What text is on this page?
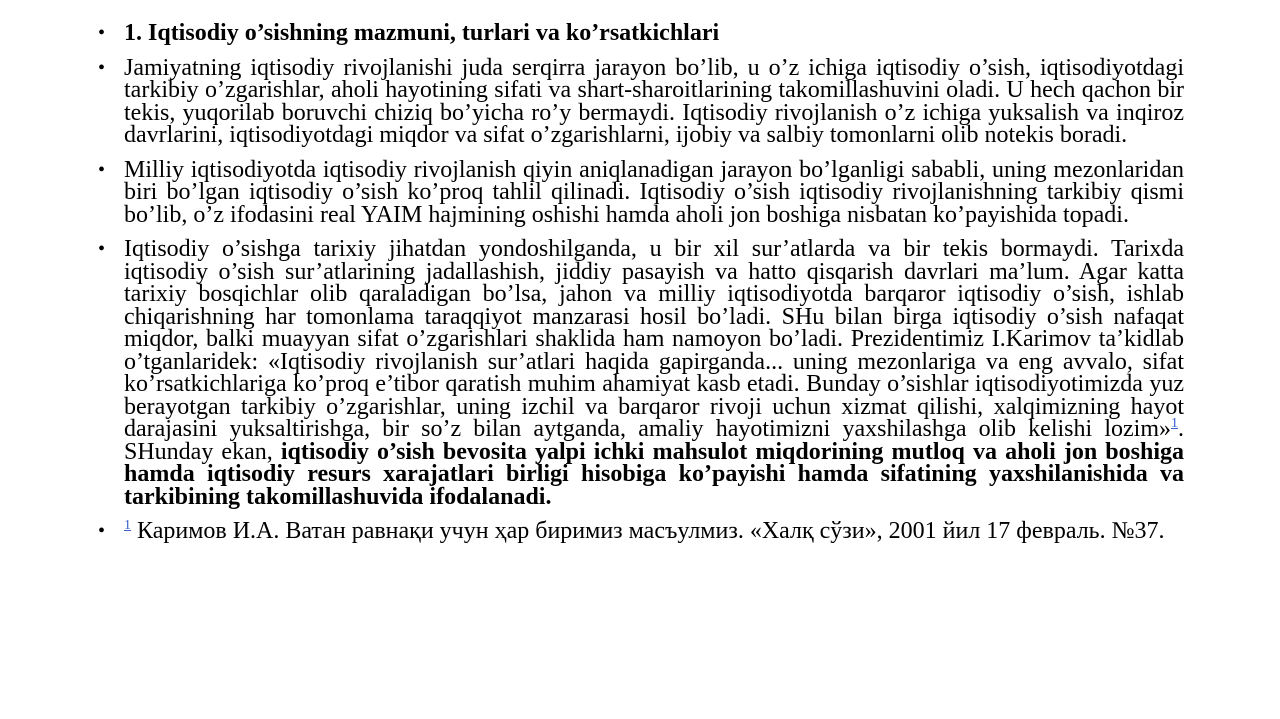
• 1. Iqtisodiy o’sishning mazmuni, turlari va ko’rsatkichlari
• Jamiyatning iqtisodiy rivojlanishi juda serqirra jarayon bo’lib, u o’z ichiga iqtisodiy o’sish, iqtisodiyotdagi tarkibiy o’zgarishlar, aholi hayotining sifati va shart-sharoitlarining takomillashuvini oladi. U hech qachon bir tekis, yuqorilab boruvchi chiziq bo’yicha ro’y bermaydi. Iqtisodiy rivojlanish o’z ichiga yuksalish va inqiroz davrlarini, iqtisodiyotdagi miqdor va sifat o’zgarishlarni, ijobiy va salbiy tomonlarni olib notekis boradi.
• Milliy iqtisodiyotda iqtisodiy rivojlanish qiyin aniqlanadigan jarayon bo’lganligi sababli, uning mezonlaridan biri bo’lgan iqtisodiy o’sish ko’proq tahlil qilinadi. Iqtisodiy o’sish iqtisodiy rivojlanishning tarkibiy qismi bo’lib, o’z ifodasini real YAIM hajmining oshishi hamda aholi jon boshiga nisbatan ko’payishida topadi.
• Iqtisodiy o’sishga tarixiy jihatdan yondoshilganda, u bir xil sur’atlarda va bir tekis bormaydi. Tarixda iqtisodiy o’sish sur’atlarining jadallashish, jiddiy pasayish va hatto qisqarish davrlari ma’lum. Agar katta tarixiy bosqichlar olib qaraladigan bo’lsa, jahon va milliy iqtisodiyotda barqaror iqtisodiy o’sish, ishlab chiqarishning har tomonlama taraqqiyot manzarasi hosil bo’ladi. SHu bilan birga iqtisodiy o’sish nafaqat miqdor, balki muayyan sifat o’zgarishlari shaklida ham namoyon bo’ladi. Prezidentimiz I.Karimov ta’kidlab o’tganlaridek: «Iqtisodiy rivojlanish sur’atlari haqida gapirganda... uning mezonlariga va eng avvalo, sifat ko’rsatkichlariga ko’proq e’tibor qaratish muhim ahamiyat kasb etadi. Bunday o’sishlar iqtisodiyotimizda yuz berayotgan tarkibiy o’zgarishlar, uning izchil va barqaror rivoji uchun xizmat qilishi, xalqimizning hayot darajasini yuksaltirishga, bir so’z bilan aytganda, amaliy hayotimizni yaxshilashga olib kelishi lozim»$^1$. SHunday ekan, iqtisodiy o’sish bevosita yalpi ichki mahsulot miqdorining mutloq va aholi jon boshiga hamda iqtisodiy resurs xarajatlari birligi hisobiga ko’payishi hamda sifatining yaxshilanishida va tarkibining takomillashuvida ifodalanadi.
• $^1$ Каримов И.А. Ватан равнақи учун ҳар биримиз масъулмиз. «Халқ сўзи», 2001 йил 17 февраль. №37.
